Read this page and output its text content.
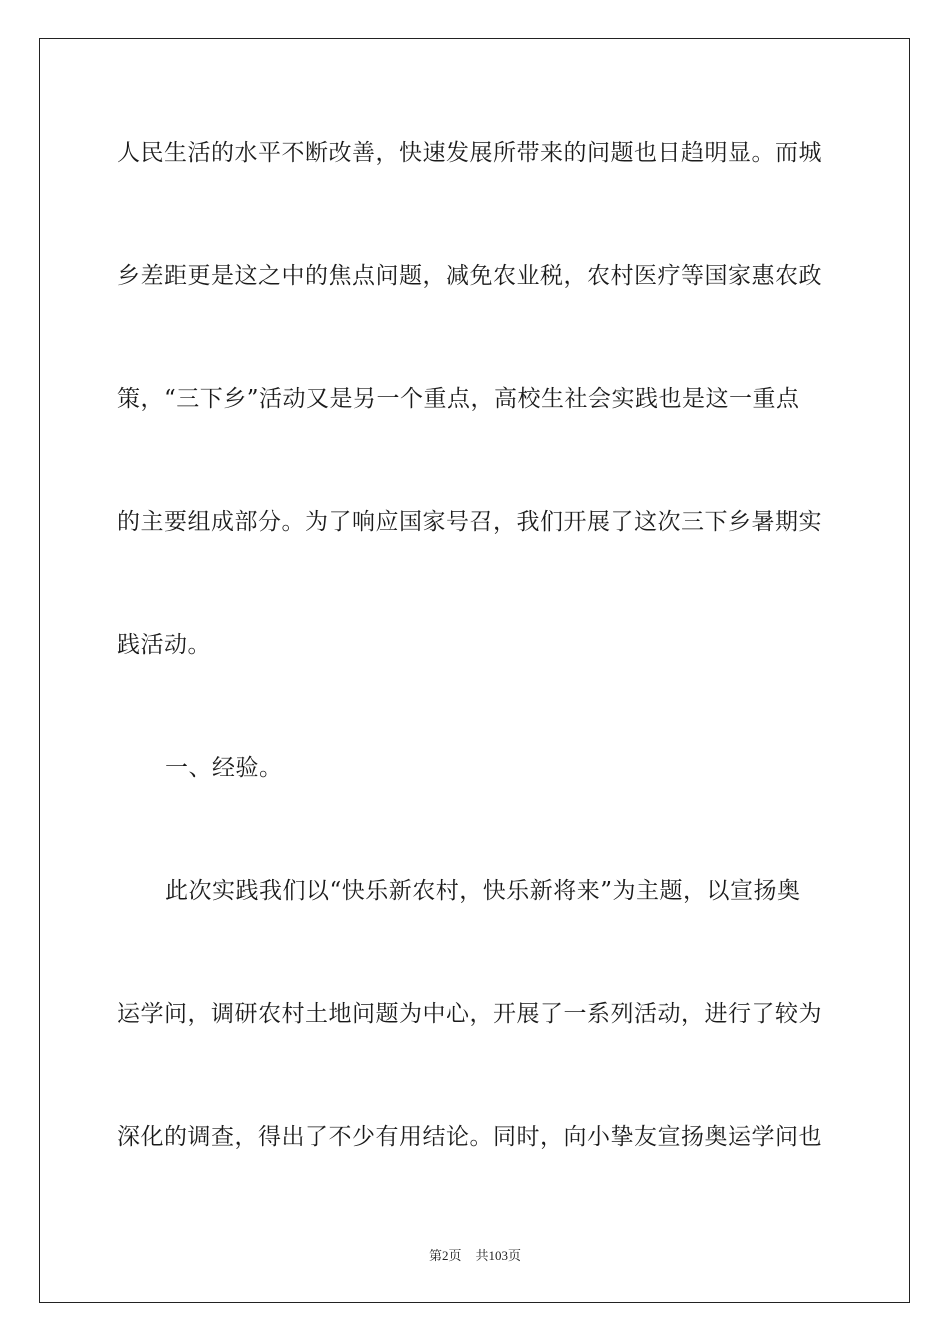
人民生活的水平不断改善，快速发展所带来的问题也日趋明显。而城
乡差距更是这之中的焦点问题，减免农业税，农村医疗等国家惠农政
策，“三下乡”活动又是另一个重点，高校生社会实践也是这一重点
的主要组成部分。为了响应国家号召，我们开展了这次三下乡暑期实
践活动。
一、经验。
此次实践我们以“快乐新农村，快乐新将来”为主题，以宣扬奥
运学问，调研农村土地问题为中心，开展了一系列活动，进行了较为
深化的调查，得出了不少有用结论。同时，向小挚友宣扬奥运学问也
第2页 共103页
